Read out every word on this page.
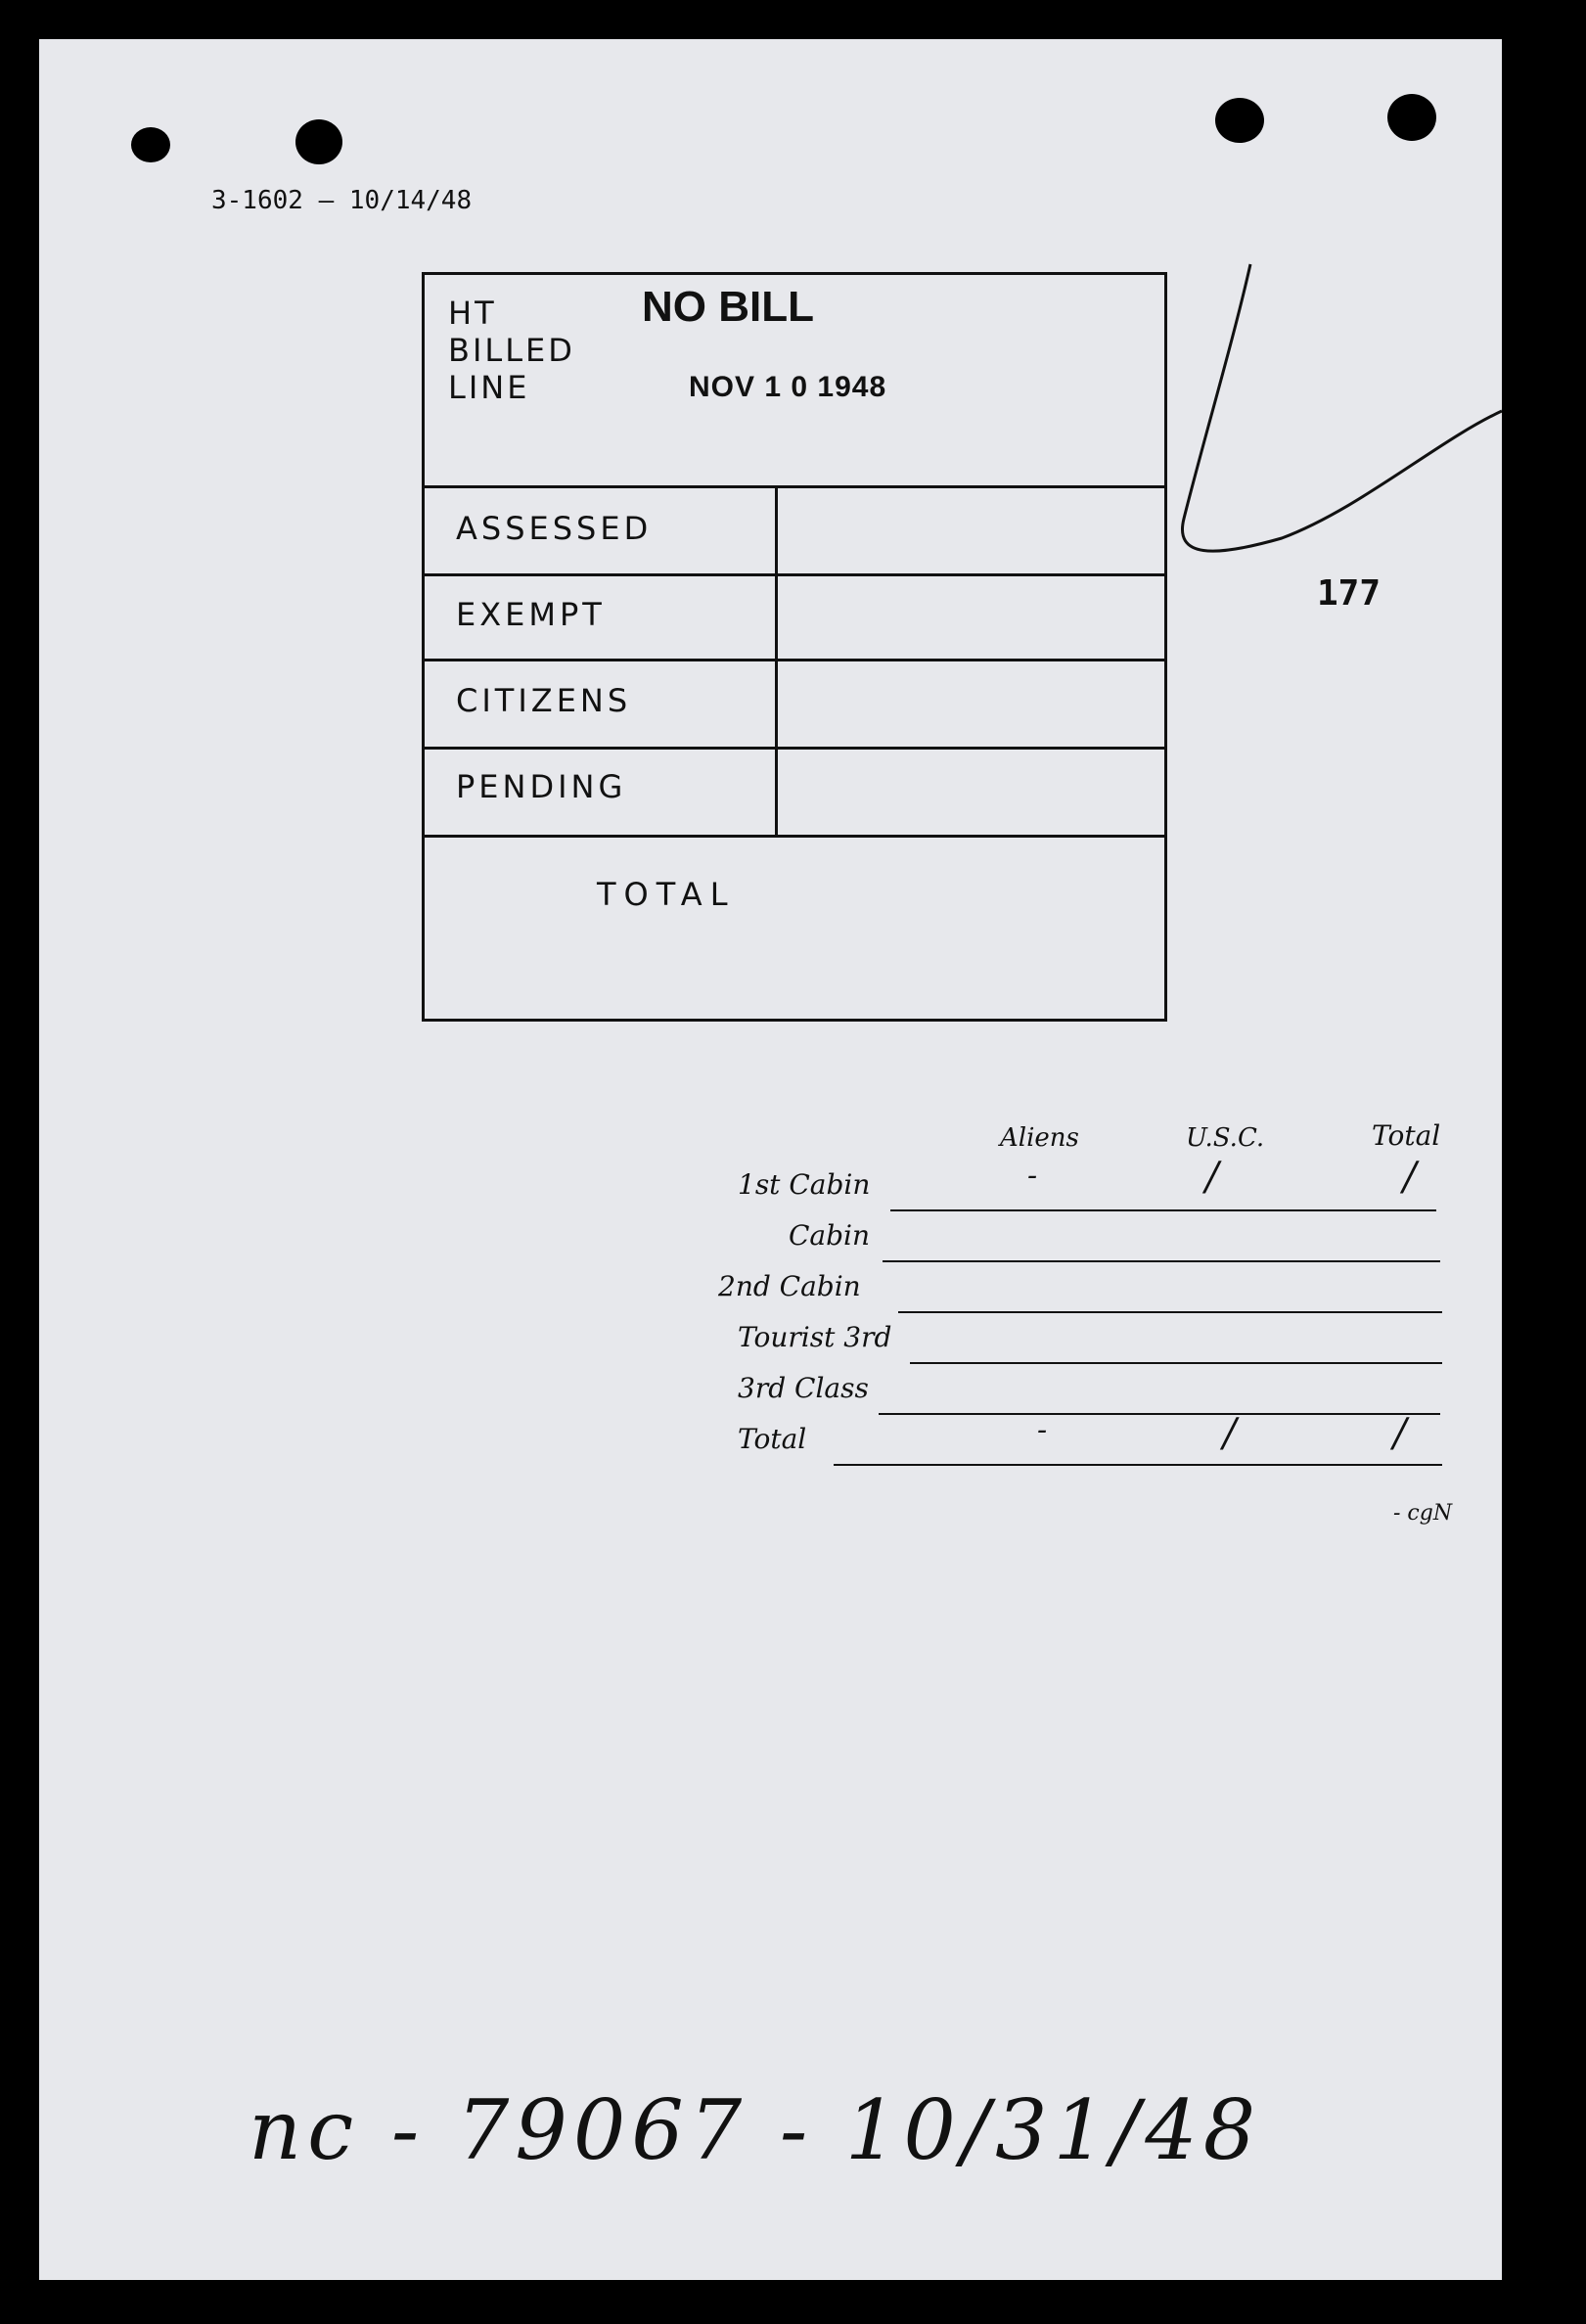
3-1602 — 10/14/48
HT
BILLED
LINE
NO BILL
NOV 1 0 1948
ASSESSED
EXEMPT
CITIZENS
PENDING
TOTAL
177
Aliens	U.S.C.	Total
1st Cabin	-	/	/
Cabin
2nd Cabin
Tourist 3rd
3rd Class
Total	-	/	/
- cgN
nc - 79067 - 10/31/48
